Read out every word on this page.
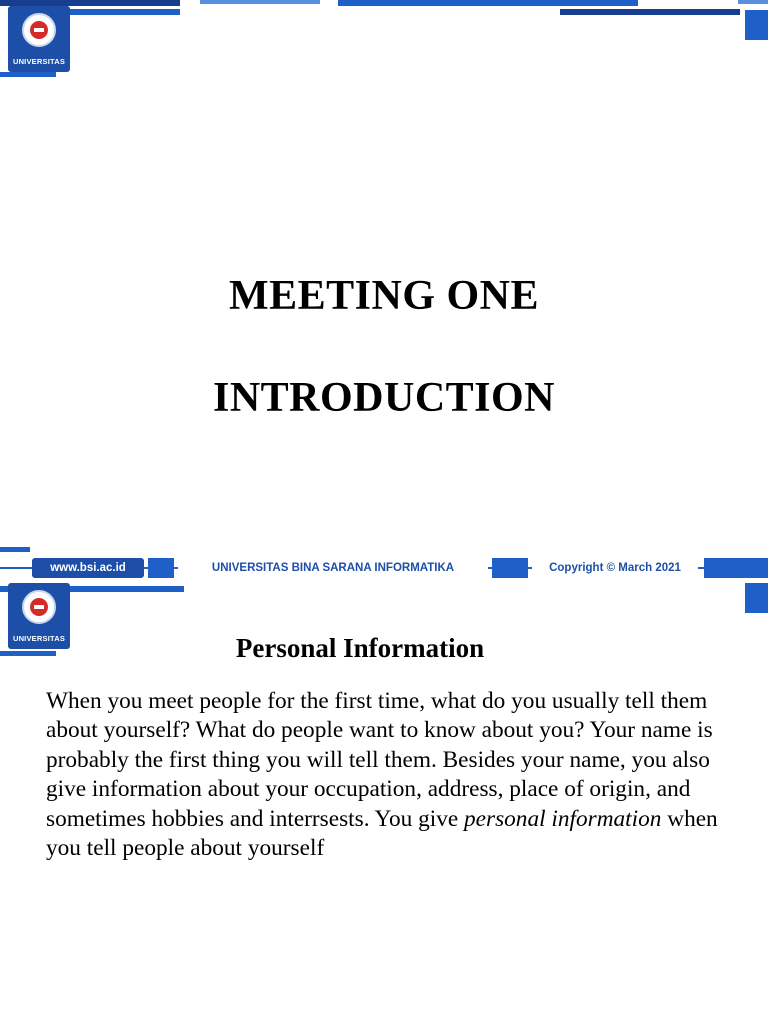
UNIVERSITAS
MEETING ONE
INTRODUCTION
www.bsi.ac.id	UNIVERSITAS BINA SARANA INFORMATIKA	Copyright © March 2021
UNIVERSITAS	Personal Information
When you meet people for the first time, what do you usually tell them about yourself? What do people want to know about you? Your name is probably the first thing you will tell them. Besides your name, you also give information about your occupation, address, place of origin, and sometimes hobbies and interrsests. You give personal information when you tell people about yourself
